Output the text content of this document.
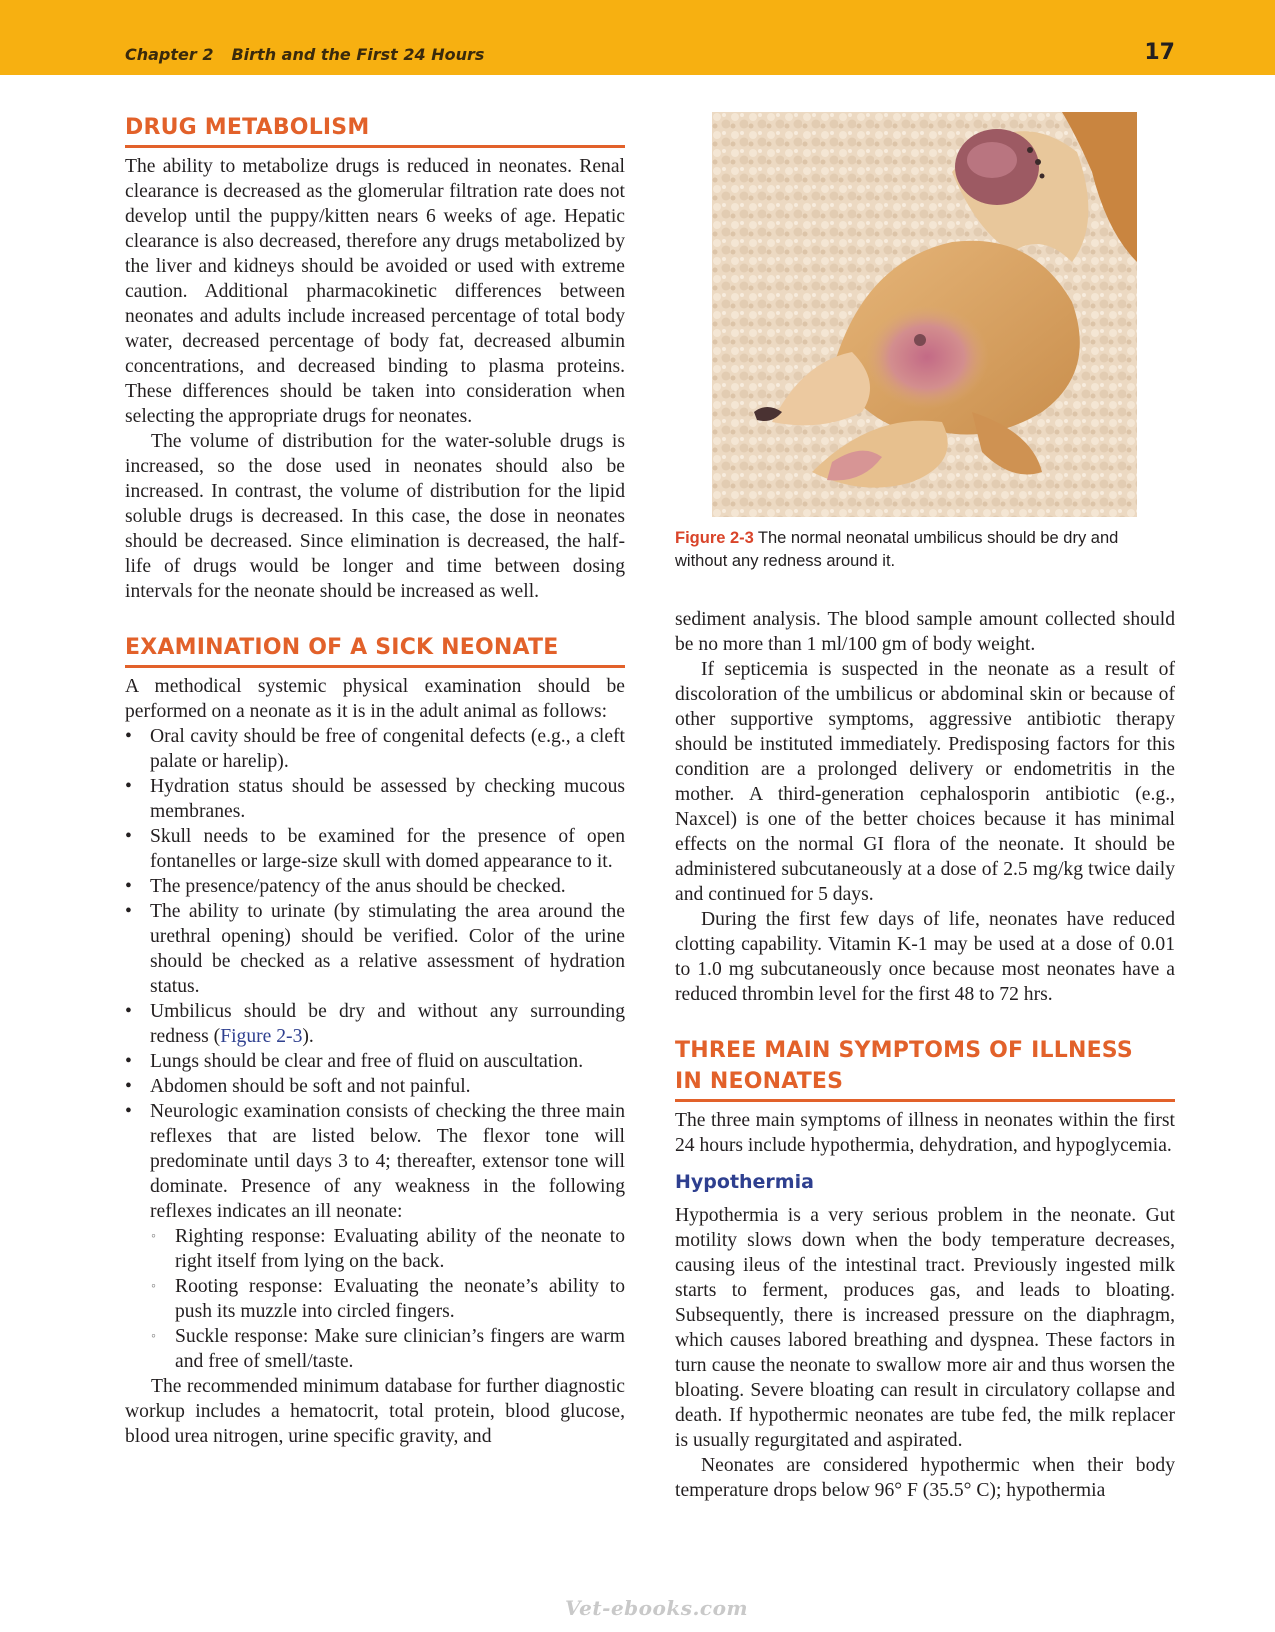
Chapter 2 Birth and the First 24 Hours	17
DRUG METABOLISM

The ability to metabolize drugs is reduced in neonates. Renal clearance is decreased as the glomerular filtration rate does not develop until the puppy/kitten nears 6 weeks of age. Hepatic clearance is also decreased, therefore any drugs metabolized by the liver and kidneys should be avoided or used with extreme caution. Additional pharmacokinetic differences between neonates and adults include increased percentage of total body water, decreased percentage of body fat, decreased albumin concentrations, and decreased binding to plasma proteins. These differences should be taken into consideration when selecting the appropriate drugs for neonates.

The volume of distribution for the water-soluble drugs is increased, so the dose used in neonates should also be increased. In contrast, the volume of distribution for the lipid soluble drugs is decreased. In this case, the dose in neonates should be decreased. Since elimination is decreased, the half-life of drugs would be longer and time between dosing intervals for the neonate should be increased as well.

EXAMINATION OF A SICK NEONATE

A methodical systemic physical examination should be performed on a neonate as it is in the adult animal as follows:

• Oral cavity should be free of congenital defects (e.g., a cleft palate or harelip).
• Hydration status should be assessed by checking mucous membranes.
• Skull needs to be examined for the presence of open fontanelles or large-size skull with domed appearance to it.
• The presence/patency of the anus should be checked.
• The ability to urinate (by stimulating the area around the urethral opening) should be verified. Color of the urine should be checked as a relative assessment of hydration status.
• Umbilicus should be dry and without any surrounding redness (Figure 2-3).
• Lungs should be clear and free of fluid on auscultation.
• Abdomen should be soft and not painful.
• Neurologic examination consists of checking the three main reflexes that are listed below. The flexor tone will predominate until days 3 to 4; thereafter, extensor tone will dominate. Presence of any weakness in the following reflexes indicates an ill neonate:
◦ Righting response: Evaluating ability of the neonate to right itself from lying on the back.
◦ Rooting response: Evaluating the neonate’s ability to push its muzzle into circled fingers.
◦ Suckle response: Make sure clinician’s fingers are warm and free of smell/taste.

The recommended minimum database for further diagnostic workup includes a hematocrit, total protein, blood glucose, blood urea nitrogen, urine specific gravity, and

Figure 2-3 The normal neonatal umbilicus should be dry and without any redness around it.

sediment analysis. The blood sample amount collected should be no more than 1 ml/100 gm of body weight.

If septicemia is suspected in the neonate as a result of discoloration of the umbilicus or abdominal skin or because of other supportive symptoms, aggressive antibiotic therapy should be instituted immediately. Predisposing factors for this condition are a prolonged delivery or endometritis in the mother. A third-generation cephalosporin antibiotic (e.g., Naxcel) is one of the better choices because it has minimal effects on the normal GI flora of the neonate. It should be administered subcutaneously at a dose of 2.5 mg/kg twice daily and continued for 5 days.

During the first few days of life, neonates have reduced clotting capability. Vitamin K-1 may be used at a dose of 0.01 to 1.0 mg subcutaneously once because most neonates have a reduced thrombin level for the first 48 to 72 hrs.

THREE MAIN SYMPTOMS OF ILLNESS
IN NEONATES

The three main symptoms of illness in neonates within the first 24 hours include hypothermia, dehydration, and hypoglycemia.

Hypothermia

Hypothermia is a very serious problem in the neonate. Gut motility slows down when the body temperature decreases, causing ileus of the intestinal tract. Previously ingested milk starts to ferment, produces gas, and leads to bloating. Subsequently, there is increased pressure on the diaphragm, which causes labored breathing and dyspnea. These factors in turn cause the neonate to swallow more air and thus worsen the bloating. Severe bloating can result in circulatory collapse and death. If hypothermic neonates are tube fed, the milk replacer is usually regurgitated and aspirated.

Neonates are considered hypothermic when their body temperature drops below 96° F (35.5° C); hypothermia

Vet-ebooks.com
